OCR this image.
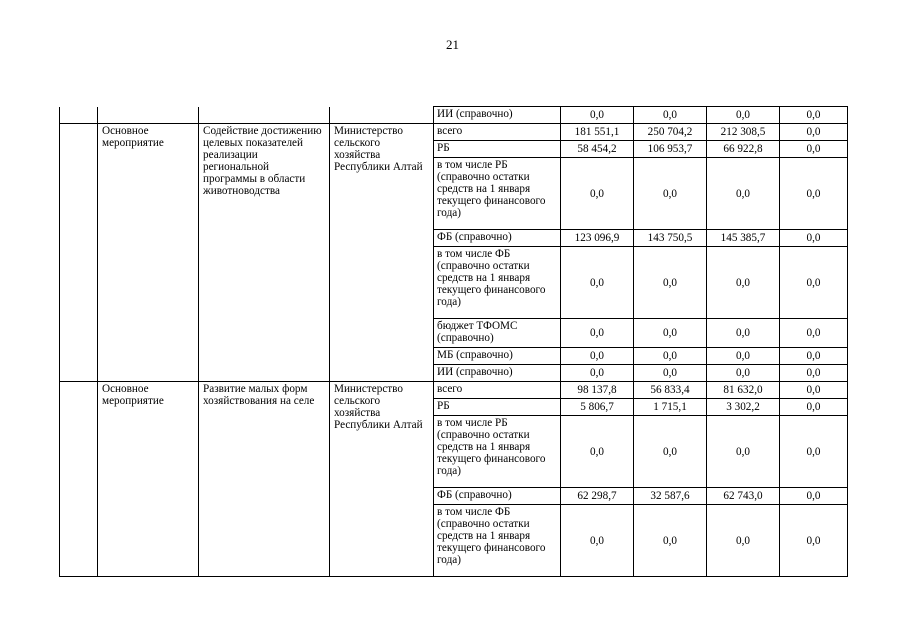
21
				ИИ (справочно)	0,0	0,0	0,0	0,0
	Основное мероприятие	Содействие достижению целевых показателей реализации региональной программы в области животноводства	Министерство сельского хозяйства Республики Алтай	всего	181 551,1	250 704,2	212 308,5	0,0
				РБ	58 454,2	106 953,7	66 922,8	0,0
				в том числе РБ (справочно остатки средств на 1 января текущего финансового года)	0,0	0,0	0,0	0,0
				ФБ (справочно)	123 096,9	143 750,5	145 385,7	0,0
				в том числе ФБ (справочно остатки средств на 1 января текущего финансового года)	0,0	0,0	0,0	0,0
				бюджет ТФОМС (справочно)	0,0	0,0	0,0	0,0
				МБ (справочно)	0,0	0,0	0,0	0,0
				ИИ (справочно)	0,0	0,0	0,0	0,0
	Основное мероприятие	Развитие малых форм хозяйствования на селе	Министерство сельского хозяйства Республики Алтай	всего	98 137,8	56 833,4	81 632,0	0,0
				РБ	5 806,7	1 715,1	3 302,2	0,0
				в том числе РБ (справочно остатки средств на 1 января текущего финансового года)	0,0	0,0	0,0	0,0
				ФБ (справочно)	62 298,7	32 587,6	62 743,0	0,0
				в том числе ФБ (справочно остатки средств на 1 января текущего финансового года)	0,0	0,0	0,0	0,0
